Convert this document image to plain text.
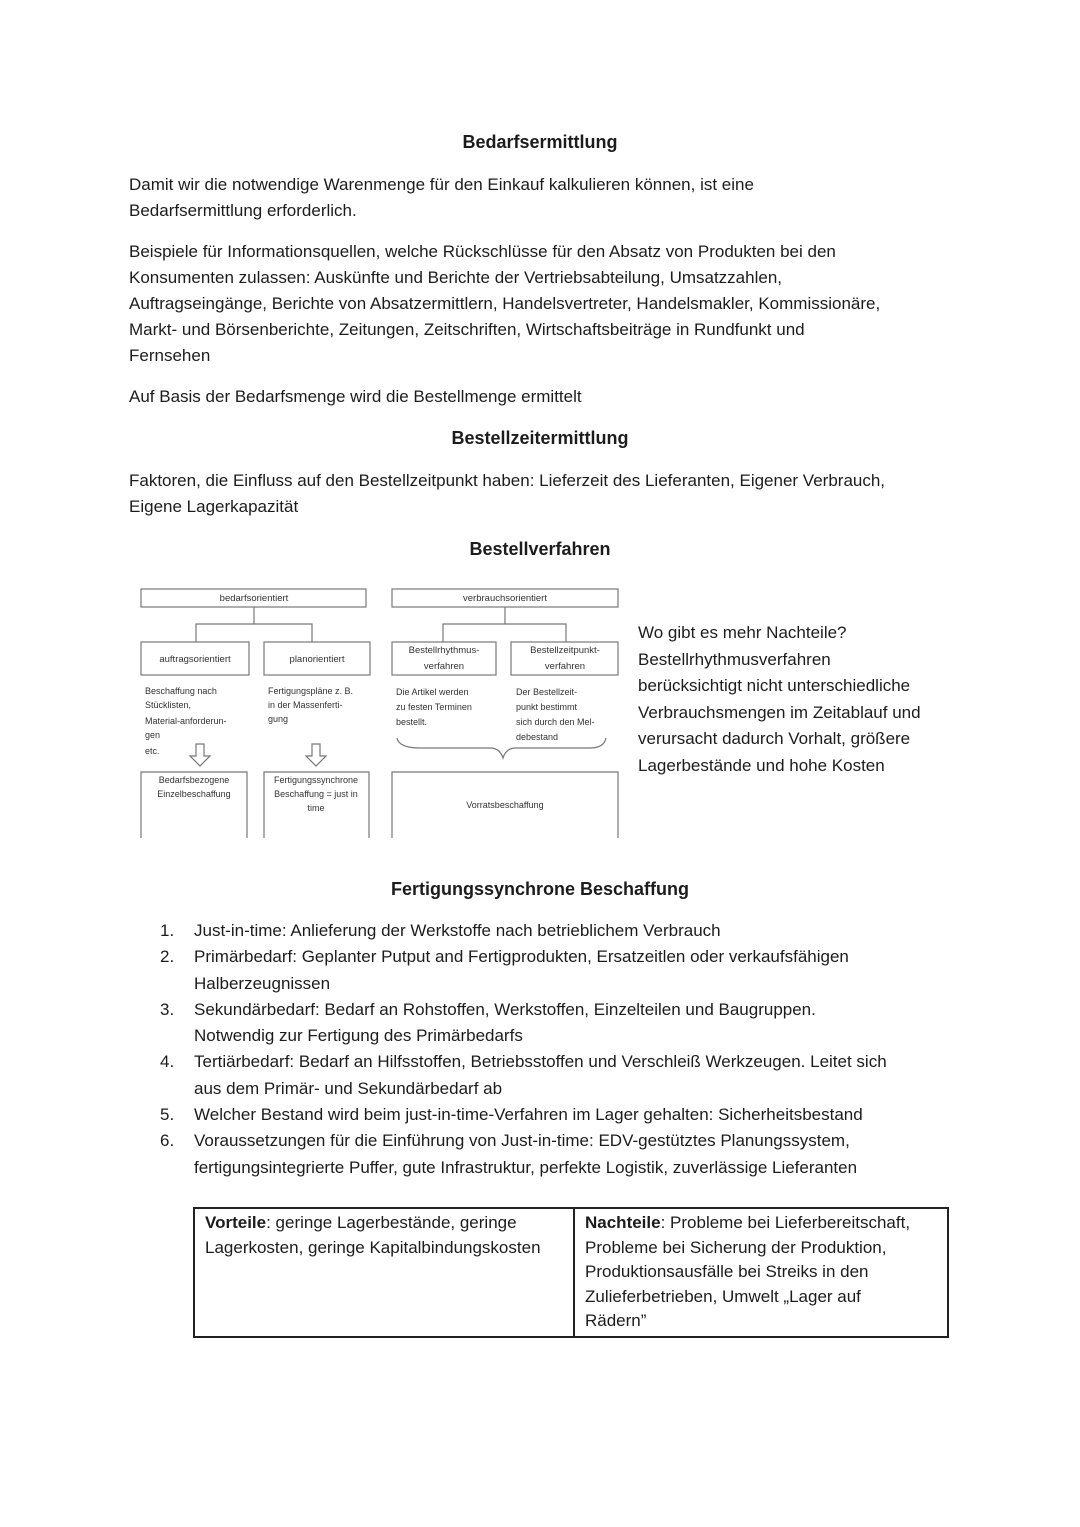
Bedarfsermittlung
Damit wir die notwendige Warenmenge für den Einkauf kalkulieren können, ist eine
Bedarfsermittlung erforderlich.
Beispiele für Informationsquellen, welche Rückschlüsse für den Absatz von Produkten bei den
Konsumenten zulassen: Auskünfte und Berichte der Vertriebsabteilung, Umsatzzahlen,
Auftragseingänge, Berichte von Absatzermittlern, Handelsvertreter, Handelsmakler, Kommissionäre,
Markt- und Börsenberichte, Zeitungen, Zeitschriften, Wirtschaftsbeiträge in Rundfunkt und
Fernsehen
Auf Basis der Bedarfsmenge wird die Bestellmenge ermittelt
Bestellzeitermittlung
Faktoren, die Einfluss auf den Bestellzeitpunkt haben: Lieferzeit des Lieferanten, Eigener Verbrauch,
Eigene Lagerkapazität
Bestellverfahren
bedarfsorientiert	verbrauchsorientiert
auftragsorientiert	planorientiert
Bestellrhythmus-
verfahren
Bestellzeitpunkt-
verfahren
Beschaffung nach
Stücklisten,
Material-anforderun-
gen
etc.
Fertigungspläne z. B.
in der Massenferti-
gung
Die Artikel werden
zu festen Terminen
bestellt.
Der Bestellzeit-
punkt bestimmt
sich durch den Mel-
debestand
Bedarfsbezogene
Einzelbeschaffung
Fertigungssynchrone
Beschaffung = just in
time	Vorratsbeschaffung
Wo gibt es mehr Nachteile?
Bestellrhythmusverfahren
berücksichtigt nicht unterschiedliche
Verbrauchsmengen im Zeitablauf und
verursacht dadurch Vorhalt, größere
Lagerbestände und hohe Kosten
Fertigungssynchrone Beschaffung
1. Just-in-time: Anlieferung der Werkstoffe nach betrieblichem Verbrauch
2. Primärbedarf: Geplanter Putput and Fertigprodukten, Ersatzeitlen oder verkaufsfähigen
Halberzeugnissen
3. Sekundärbedarf: Bedarf an Rohstoffen, Werkstoffen, Einzelteilen und Baugruppen.
Notwendig zur Fertigung des Primärbedarfs
4. Tertiärbedarf: Bedarf an Hilfsstoffen, Betriebsstoffen und Verschleiß Werkzeugen. Leitet sich
aus dem Primär- und Sekundärbedarf ab
5. Welcher Bestand wird beim just-in-time-Verfahren im Lager gehalten: Sicherheitsbestand
6. Voraussetzungen für die Einführung von Just-in-time: EDV-gestütztes Planungssystem,
fertigungsintegrierte Puffer, gute Infrastruktur, perfekte Logistik, zuverlässige Lieferanten
Vorteile: geringe Lagerbestände, geringe
Lagerkosten, geringe Kapitalbindungskosten

Nachteile: Probleme bei Lieferbereitschaft,
Probleme bei Sicherung der Produktion,
Produktionsausfälle bei Streiks in den
Zulieferbetrieben, Umwelt „Lager auf
Rädern”
